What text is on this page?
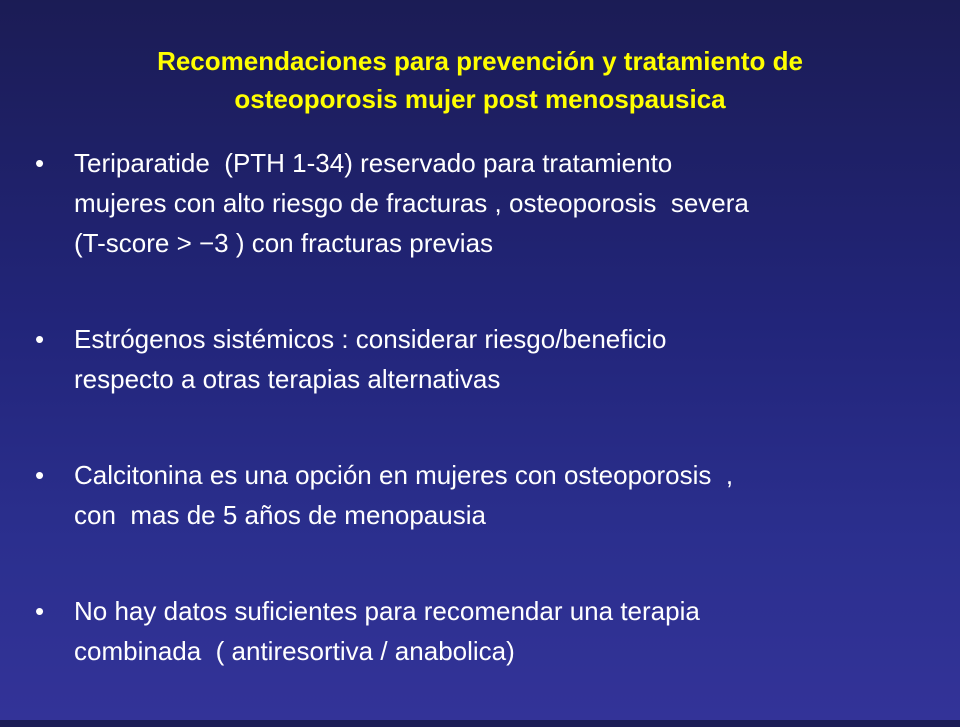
Recomendaciones para prevención y tratamiento de
osteoporosis mujer post menospausica
• Teriparatide  (PTH 1-34) reservado para tratamiento
mujeres con alto riesgo de fracturas , osteoporosis  severa
(T-score > −3 ) con fracturas previas
• Estrógenos sistémicos : considerar riesgo/beneficio
respecto a otras terapias alternativas
• Calcitonina es una opción en mujeres con osteoporosis  ,
con  mas de 5 años de menopausia
• No hay datos suficientes para recomendar una terapia
combinada  ( antiresortiva / anabolica)
